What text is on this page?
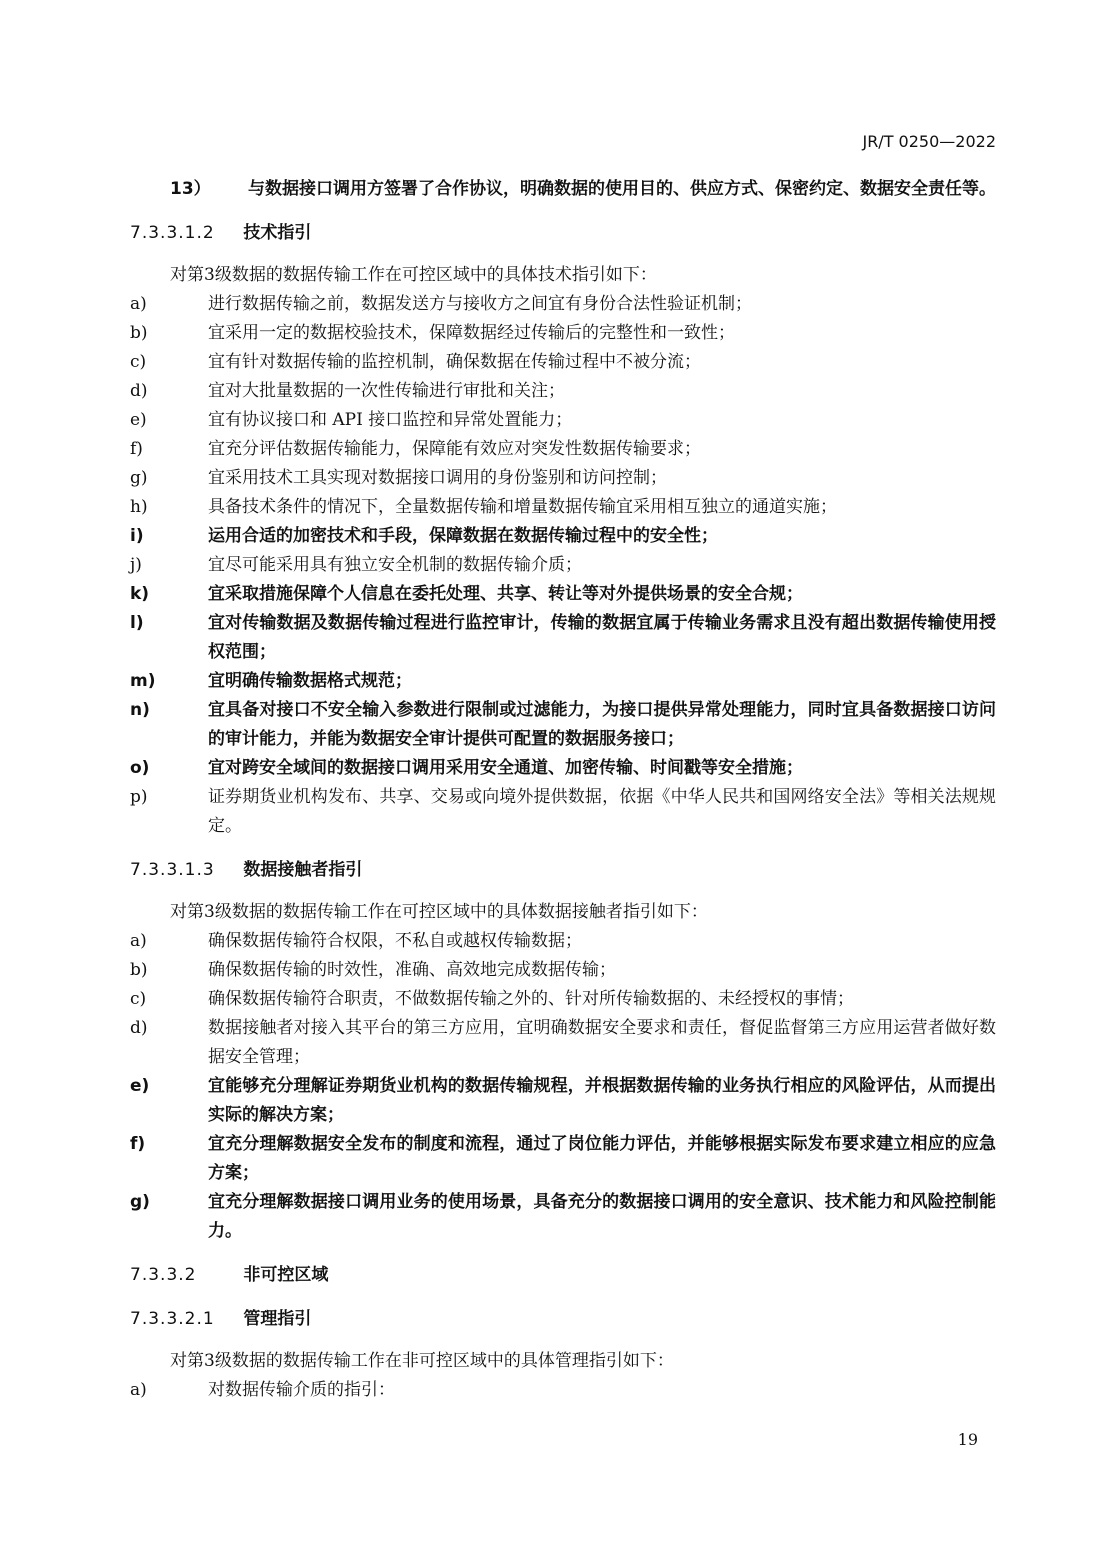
JR/T 0250—2022
13） 与数据接口调用方签署了合作协议，明确数据的使用目的、供应方式、保密约定、数据安全责任等。
7.3.3.1.2 技术指引
对第3级数据的数据传输工作在可控区域中的具体技术指引如下：
a)	进行数据传输之前，数据发送方与接收方之间宜有身份合法性验证机制；
b)	宜采用一定的数据校验技术，保障数据经过传输后的完整性和一致性；
c)	宜有针对数据传输的监控机制，确保数据在传输过程中不被分流；
d)	宜对大批量数据的一次性传输进行审批和关注；
e)	宜有协议接口和 API 接口监控和异常处置能力；
f)	宜充分评估数据传输能力，保障能有效应对突发性数据传输要求；
g)	宜采用技术工具实现对数据接口调用的身份鉴别和访问控制；
h)	具备技术条件的情况下，全量数据传输和增量数据传输宜采用相互独立的通道实施；
i)	运用合适的加密技术和手段，保障数据在数据传输过程中的安全性；
j)	宜尽可能采用具有独立安全机制的数据传输介质；
k)	宜采取措施保障个人信息在委托处理、共享、转让等对外提供场景的安全合规；
l)	宜对传输数据及数据传输过程进行监控审计，传输的数据宜属于传输业务需求且没有超出数据传输使用授权范围；
m)	宜明确传输数据格式规范；
n)	宜具备对接口不安全输入参数进行限制或过滤能力，为接口提供异常处理能力，同时宜具备数据接口访问的审计能力，并能为数据安全审计提供可配置的数据服务接口；
o)	宜对跨安全域间的数据接口调用采用安全通道、加密传输、时间戳等安全措施；
p)	证券期货业机构发布、共享、交易或向境外提供数据，依据《中华人民共和国网络安全法》等相关法规规定。
7.3.3.1.3 数据接触者指引
对第3级数据的数据传输工作在可控区域中的具体数据接触者指引如下：
a)	确保数据传输符合权限，不私自或越权传输数据；
b)	确保数据传输的时效性，准确、高效地完成数据传输；
c)	确保数据传输符合职责，不做数据传输之外的、针对所传输数据的、未经授权的事情；
d)	数据接触者对接入其平台的第三方应用，宜明确数据安全要求和责任，督促监督第三方应用运营者做好数据安全管理；
e)	宜能够充分理解证券期货业机构的数据传输规程，并根据数据传输的业务执行相应的风险评估，从而提出实际的解决方案；
f)	宜充分理解数据安全发布的制度和流程，通过了岗位能力评估，并能够根据实际发布要求建立相应的应急方案；
g)	宜充分理解数据接口调用业务的使用场景，具备充分的数据接口调用的安全意识、技术能力和风险控制能力。
7.3.3.2	非可控区域
7.3.3.2.1 管理指引
对第3级数据的数据传输工作在非可控区域中的具体管理指引如下：
a)	对数据传输介质的指引：
19
